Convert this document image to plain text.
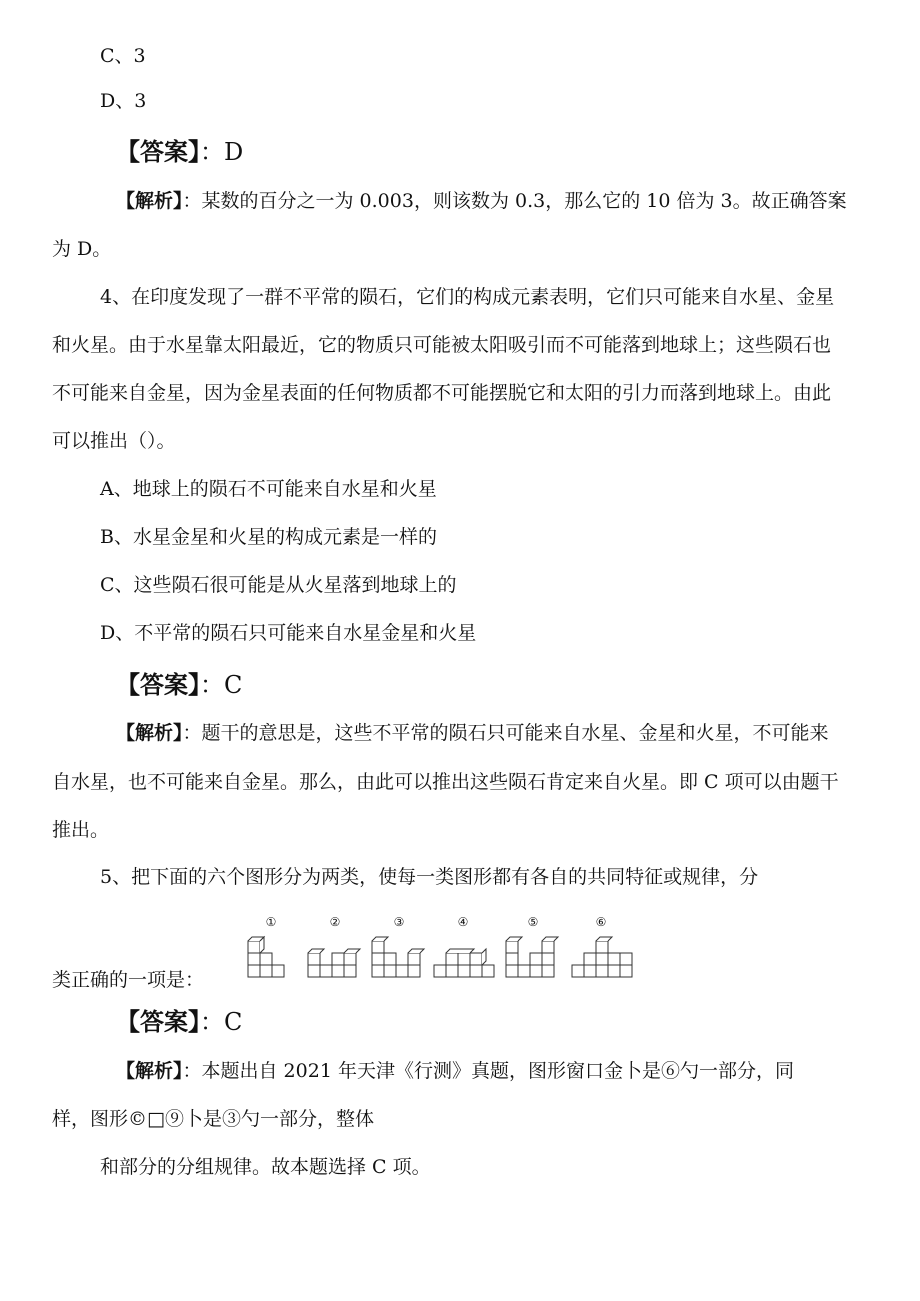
C、3
D、3
【答案】：D
【解析】：某数的百分之一为 0.003，则该数为 0.3，那么它的 10 倍为 3。故正确答案
为 D。
4、在印度发现了一群不平常的陨石，它们的构成元素表明，它们只可能来自水星、金星
和火星。由于水星靠太阳最近，它的物质只可能被太阳吸引而不可能落到地球上；这些陨石也
不可能来自金星，因为金星表面的任何物质都不可能摆脱它和太阳的引力而落到地球上。由此
可以推出（）。
A、地球上的陨石不可能来自水星和火星
B、水星金星和火星的构成元素是一样的
C、这些陨石很可能是从火星落到地球上的
D、不平常的陨石只可能来自水星金星和火星
【答案】：C
【解析】：题干的意思是，这些不平常的陨石只可能来自水星、金星和火星，不可能来
自水星，也不可能来自金星。那么，由此可以推出这些陨石肯定来自火星。即 C 项可以由题干
推出。
5、把下面的六个图形分为两类，使每一类图形都有各自的共同特征或规律，分
①	②	③	④	⑤	⑥
类正确的一项是：
【答案】：C
【解析】：本题出自 2021 年天津《行测》真题，图形窗口金卜是⑥勺一部分，同
样，图形©□⑨卜是③勺一部分，整体
和部分的分组规律。故本题选择 C 项。
